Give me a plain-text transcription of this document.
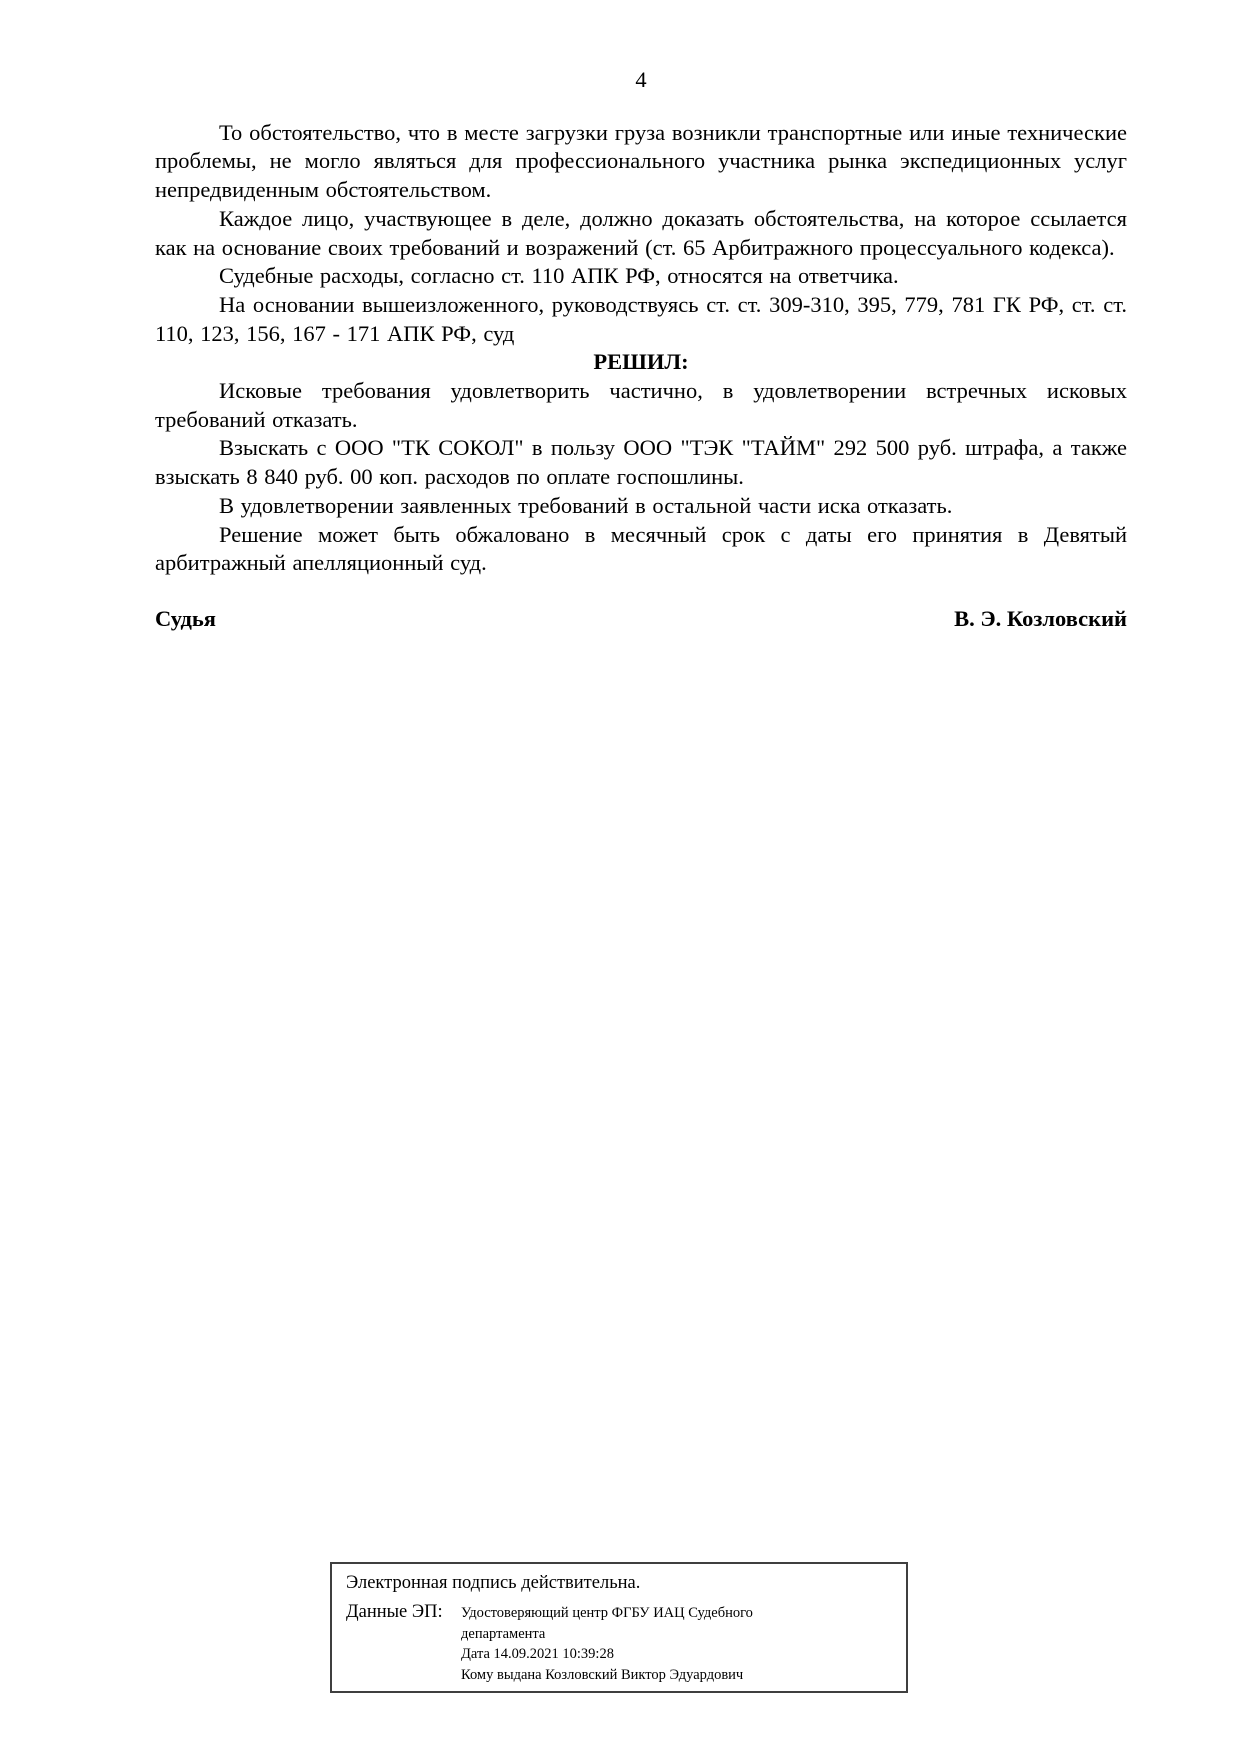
4

То обстоятельство, что в месте загрузки груза возникли транспортные или иные технические проблемы, не могло являться для профессионального участника рынка экспедиционных услуг непредвиденным обстоятельством.

Каждое лицо, участвующее в деле, должно доказать обстоятельства, на которое ссылается как на основание своих требований и возражений (ст. 65 Арбитражного процессуального кодекса).

Судебные расходы, согласно ст. 110 АПК РФ, относятся на ответчика.

На основании вышеизложенного, руководствуясь ст. ст. 309-310, 395, 779, 781 ГК РФ, ст. ст. 110, 123, 156, 167 - 171 АПК РФ, суд

РЕШИЛ:

Исковые требования удовлетворить частично, в удовлетворении встречных исковых требований отказать.

Взыскать с ООО "ТК СОКОЛ" в пользу ООО "ТЭК "ТАЙМ" 292 500 руб. штрафа, а также взыскать 8 840 руб. 00 коп. расходов по оплате госпошлины.

В удовлетворении заявленных требований в остальной части иска отказать.

Решение может быть обжаловано в месячный срок с даты его принятия в Девятый арбитражный апелляционный суд.

Судья	В. Э. Козловский
Электронная подпись действительна.
Данные ЭП:	Удостоверяющий центр ФГБУ ИАЦ Судебного департамента
Дата 14.09.2021 10:39:28
Кому выдана Козловский Виктор Эдуардович
